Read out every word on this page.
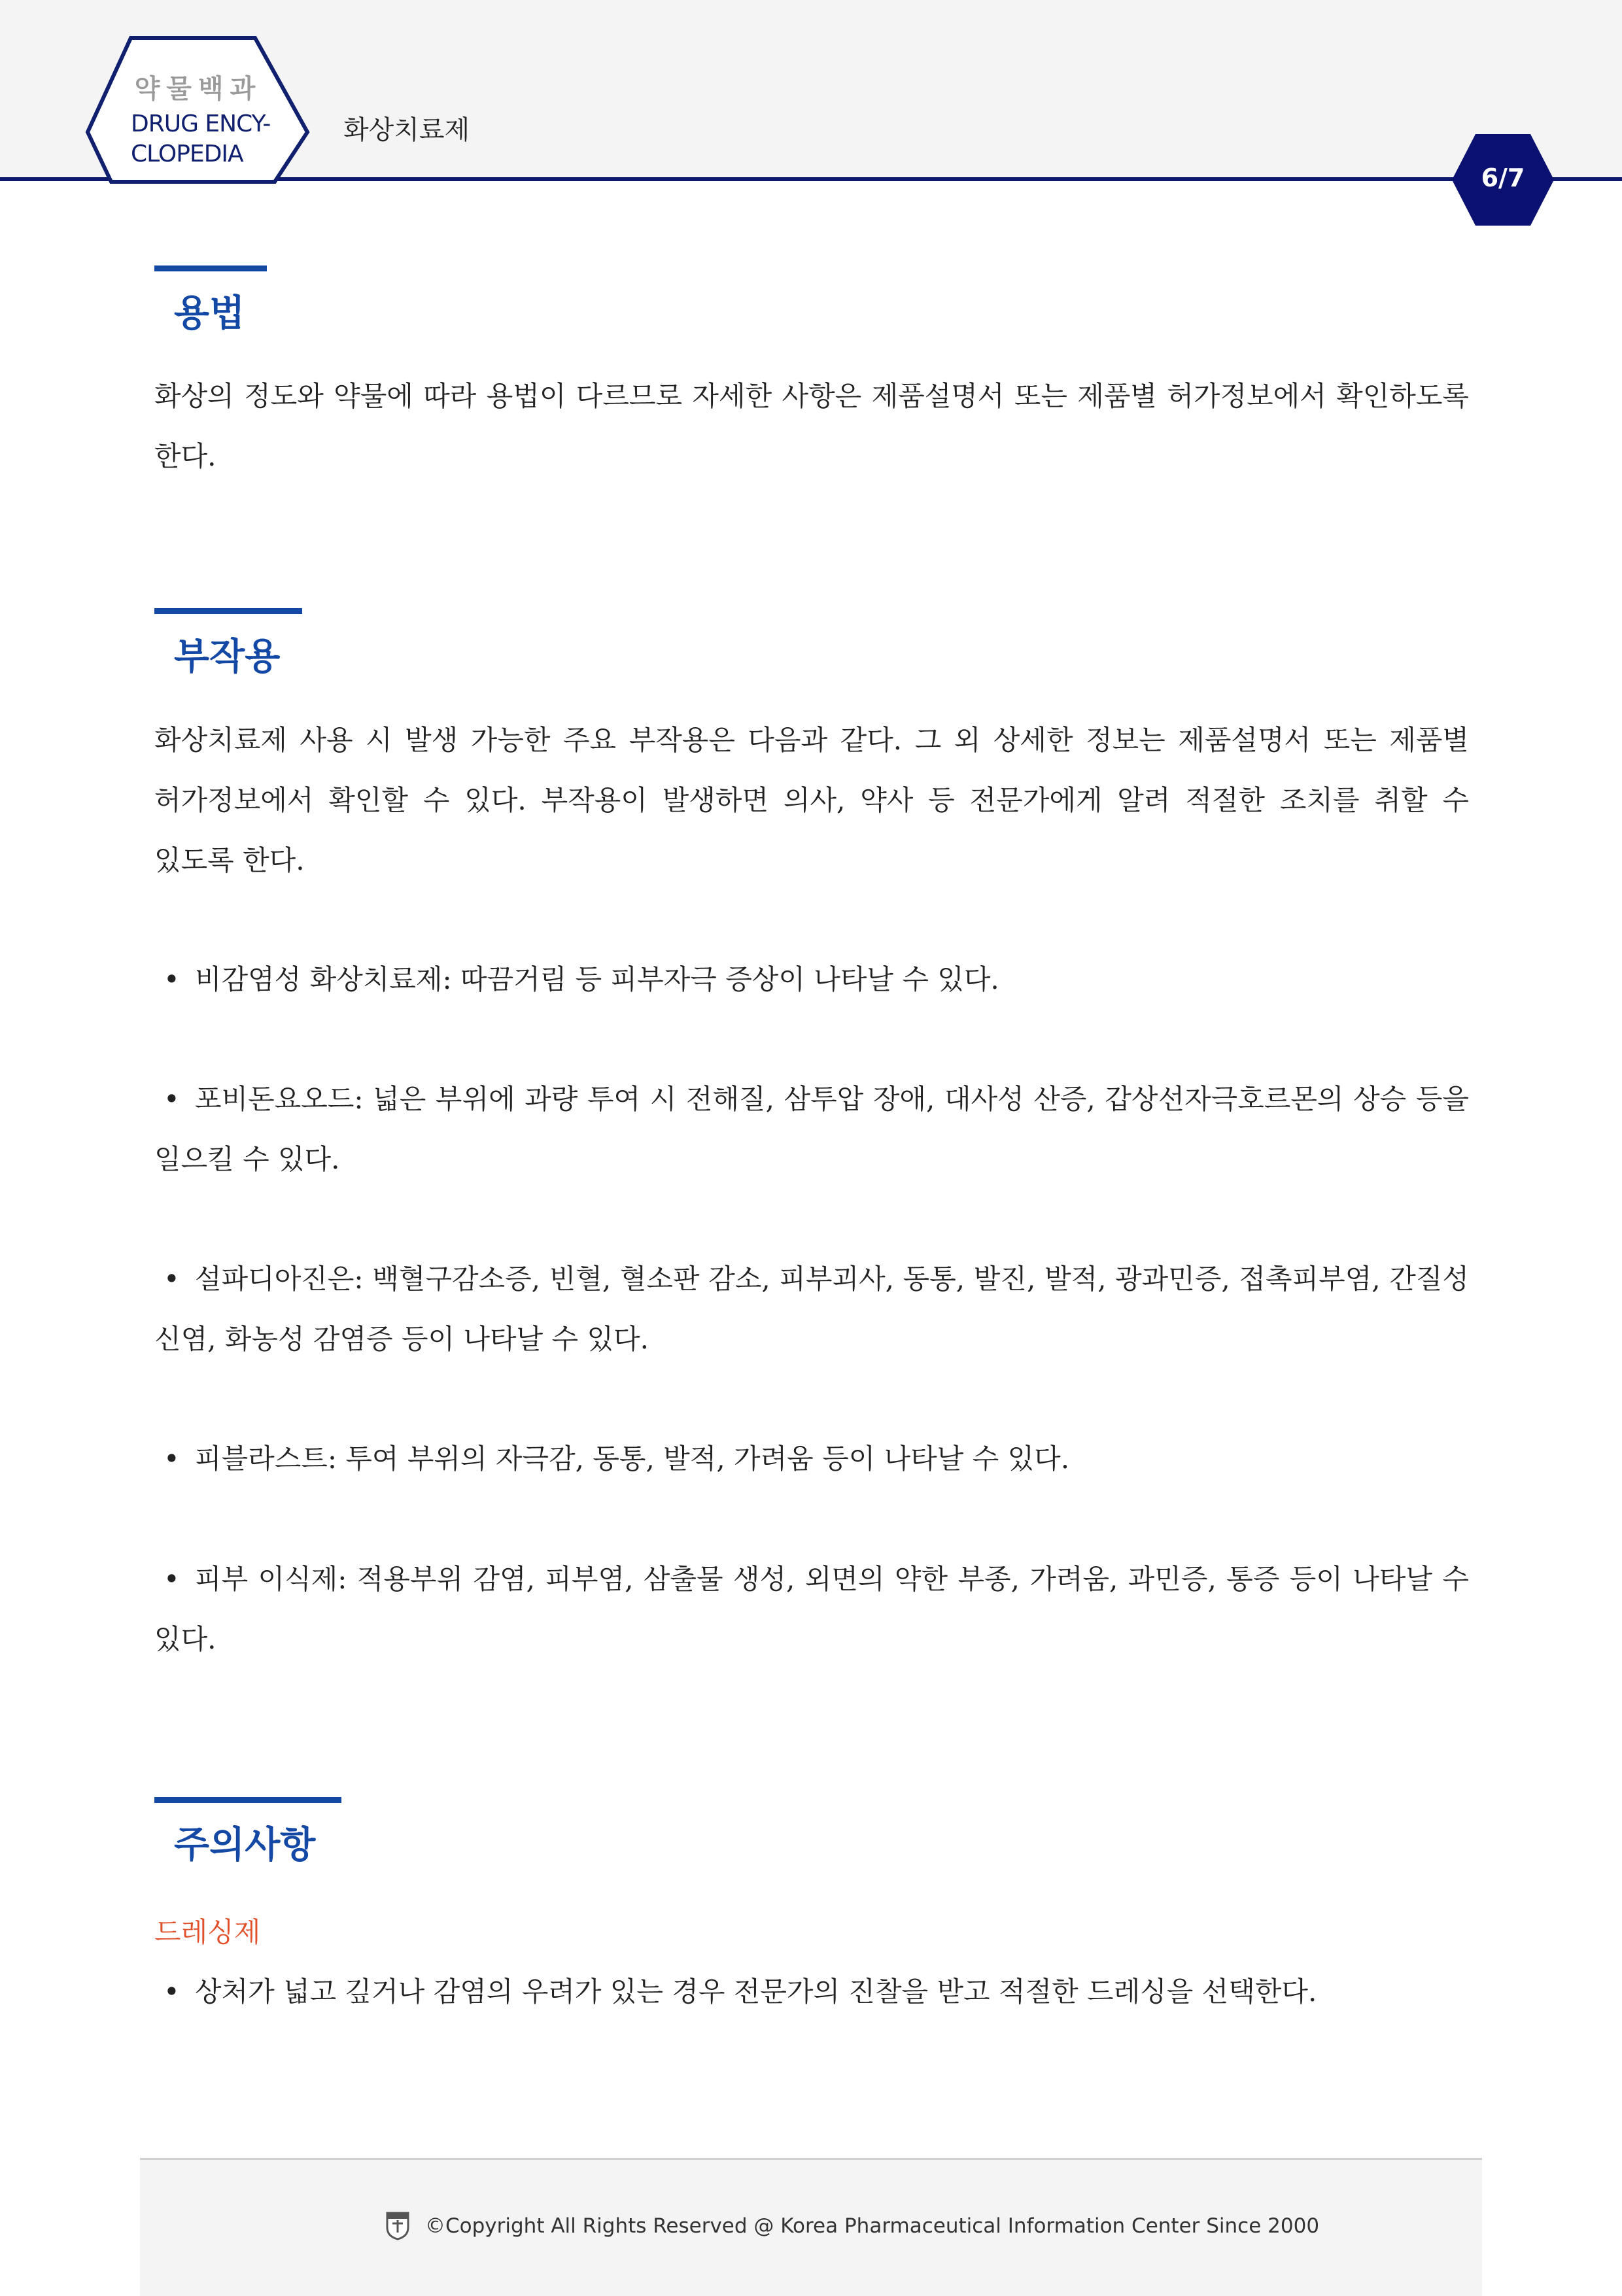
약물백과
DRUG ENCY-
CLOPEDIA
화상치료제
6/7
용법

화상의 정도와 약물에 따라 용법이 다르므로 자세한 사항은 제품설명서 또는 제품별 허가정보에서 확인하도록 한다.

부작용

화상치료제 사용 시 발생 가능한 주요 부작용은 다음과 같다. 그 외 상세한 정보는 제품설명서 또는 제품별 허가정보에서 확인할 수 있다. 부작용이 발생하면 의사, 약사 등 전문가에게 알려 적절한 조치를 취할 수 있도록 한다.

• 비감염성 화상치료제: 따끔거림 등 피부자극 증상이 나타날 수 있다.

• 포비돈요오드: 넓은 부위에 과량 투여 시 전해질, 삼투압 장애, 대사성 산증, 갑상선자극호르몬의 상승 등을 일으킬 수 있다.

• 설파디아진은: 백혈구감소증, 빈혈, 혈소판 감소, 피부괴사, 동통, 발진, 발적, 광과민증, 접촉피부염, 간질성 신염, 화농성 감염증 등이 나타날 수 있다.

• 피블라스트: 투여 부위의 자극감, 동통, 발적, 가려움 등이 나타날 수 있다.

• 피부 이식제: 적용부위 감염, 피부염, 삼출물 생성, 외면의 약한 부종, 가려움, 과민증, 통증 등이 나타날 수 있다.

주의사항
드레싱제

• 상처가 넓고 깊거나 감염의 우려가 있는 경우 전문가의 진찰을 받고 적절한 드레싱을 선택한다.

©Copyright All Rights Reserved @ Korea Pharmaceutical Information Center Since 2000
